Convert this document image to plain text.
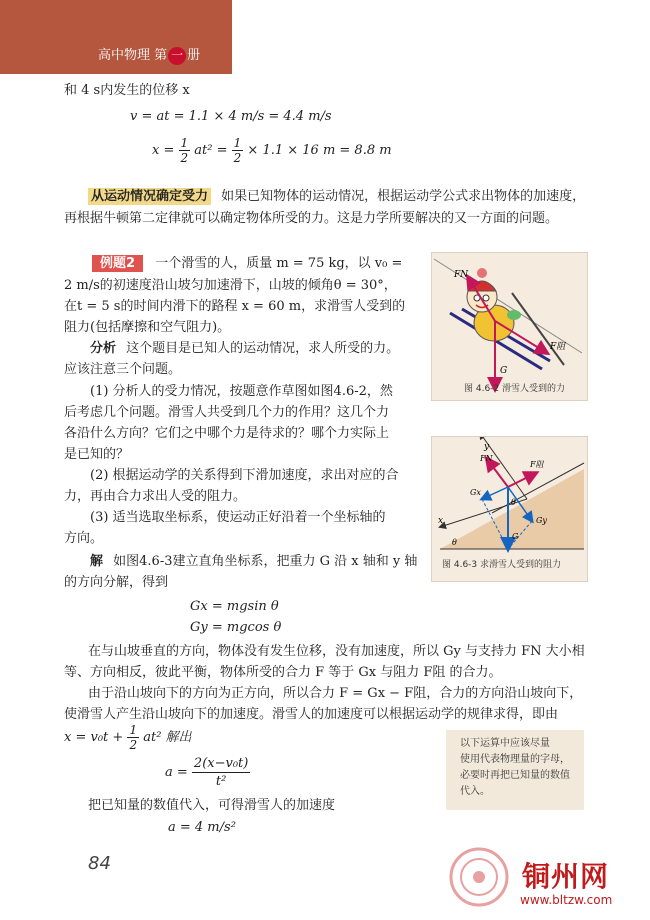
高中物理 第 一 册
和 4 s内发生的位移 x
v = at = 1.1 × 4 m/s = 4.4 m/s
$x = \frac{1}{2} at^2 = \frac{1}{2} \times 1.1 \times 16$ m = 8.8 m
从运动情况确定受力 如果已知物体的运动情况，根据运动学公式求出物体的加速度，
再根据牛顿第二定律就可以确定物体所受的力。这是力学所要解决的又一方面的问题。
例题2 一个滑雪的人，质量 m = 75 kg，以 v₀ =
2 m/s的初速度沿山坡匀加速滑下，山坡的倾角θ = 30°，
在t = 5 s的时间内滑下的路程 x = 60 m，求滑雪人受到的
阻力(包括摩擦和空气阻力)。
分析 这个题目是已知人的运动情况，求人所受的力。
应该注意三个问题。
(1) 分析人的受力情况，按题意作草图如图4.6-2，然
后考虑几个问题。滑雪人共受到几个力的作用？这几个力
各沿什么方向？它们之中哪个力是待求的？哪个力实际上
是已知的？
(2) 根据运动学的关系得到下滑加速度，求出对应的合
力，再由合力求出人受的阻力。
(3) 适当选取坐标系，使运动正好沿着一个坐标轴的
方向。
解 如图4.6-3建立直角坐标系，把重力 G 沿 x 轴和 y 轴
的方向分解，得到
Gx = mgsin θ
Gy = mgcos θ
在与山坡垂直的方向，物体没有发生位移，没有加速度，所以 Gy 与支持力 FN 大小相
等、方向相反，彼此平衡，物体所受的合力 F 等于 Gx 与阻力 F阻 的合力。
由于沿山坡向下的方向为正方向，所以合力 F = Gx − F阻，合力的方向沿山坡向下，
使滑雪人产生沿山坡向下的加速度。滑雪人的加速度可以根据运动学的规律求得，即由
$x = v_0t + \frac{1}{2} at^2$ 解出
$a = \frac{\text{2(x−v₀t)}}{\text{t²}}$
把已知量的数值代入，可得滑雪人的加速度
a = 4 m/s²
FN
F阻
G
图 4.6-2 滑雪人受到的力
y
x
FN
F阻
Gx
Gy
G
θ
θ
图 4.6-3 求滑雪人受到的阻力
以下运算中应该尽量
使用代表物理量的字母，
必要时再把已知量的数值
代入。
84	铜州网
www.bltzw.com
